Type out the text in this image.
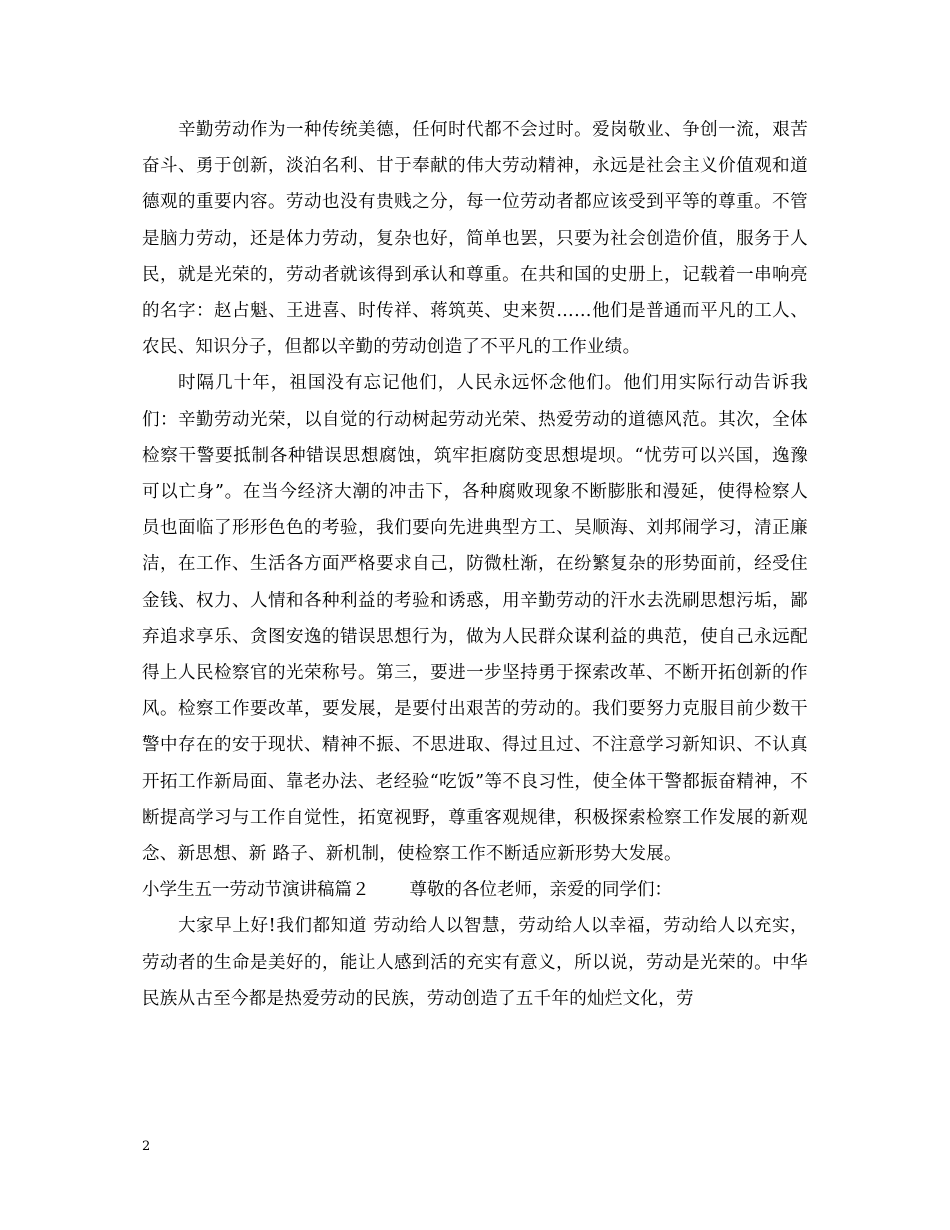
辛勤劳动作为一种传统美德，任何时代都不会过时。爱岗敬业、争创一流，艰苦奋斗、勇于创新，淡泊名利、甘于奉献的伟大劳动精神，永远是社会主义价值观和道德观的重要内容。劳动也没有贵贱之分，每一位劳动者都应该受到平等的尊重。不管是脑力劳动，还是体力劳动，复杂也好，简单也罢，只要为社会创造价值，服务于人民，就是光荣的，劳动者就该得到承认和尊重。在共和国的史册上，记载着一串响亮的名字：赵占魁、王进喜、时传祥、蒋筑英、史来贺……他们是普通而平凡的工人、农民、知识分子，但都以辛勤的劳动创造了不平凡的工作业绩。

时隔几十年，祖国没有忘记他们，人民永远怀念他们。他们用实际行动告诉我们：辛勤劳动光荣，以自觉的行动树起劳动光荣、热爱劳动的道德风范。其次，全体检察干警要抵制各种错误思想腐蚀，筑牢拒腐防变思想堤坝。“忧劳可以兴国，逸豫可以亡身”。在当今经济大潮的冲击下，各种腐败现象不断膨胀和漫延，使得检察人员也面临了形形色色的考验，我们要向先进典型方工、吴顺海、刘邦闹学习，清正廉洁，在工作、生活各方面严格要求自己，防微杜渐，在纷繁复杂的形势面前，经受住金钱、权力、人情和各种利益的考验和诱惑，用辛勤劳动的汗水去洗刷思想污垢，鄙弃追求享乐、贪图安逸的错误思想行为，做为人民群众谋利益的典范，使自己永远配得上人民检察官的光荣称号。第三，要进一步坚持勇于探索改革、不断开拓创新的作风。检察工作要改革，要发展，是要付出艰苦的劳动的。我们要努力克服目前少数干警中存在的安于现状、精神不振、不思进取、得过且过、不注意学习新知识、不认真开拓工作新局面、靠老办法、老经验“吃饭”等不良习性，使全体干警都振奋精神，不断提高学习与工作自觉性，拓宽视野，尊重客观规律，积极探索检察工作发展的新观念、新思想、新 路子、新机制，使检察工作不断适应新形势大发展。

小学生五一劳动节演讲稿篇２ 尊敬的各位老师，亲爱的同学们：

大家早上好!我们都知道 劳动给人以智慧，劳动给人以幸福，劳动给人以充实，劳动者的生命是美好的，能让人感到活的充实有意义，所以说，劳动是光荣的。中华民族从古至今都是热爱劳动的民族，劳动创造了五千年的灿烂文化，劳

2
